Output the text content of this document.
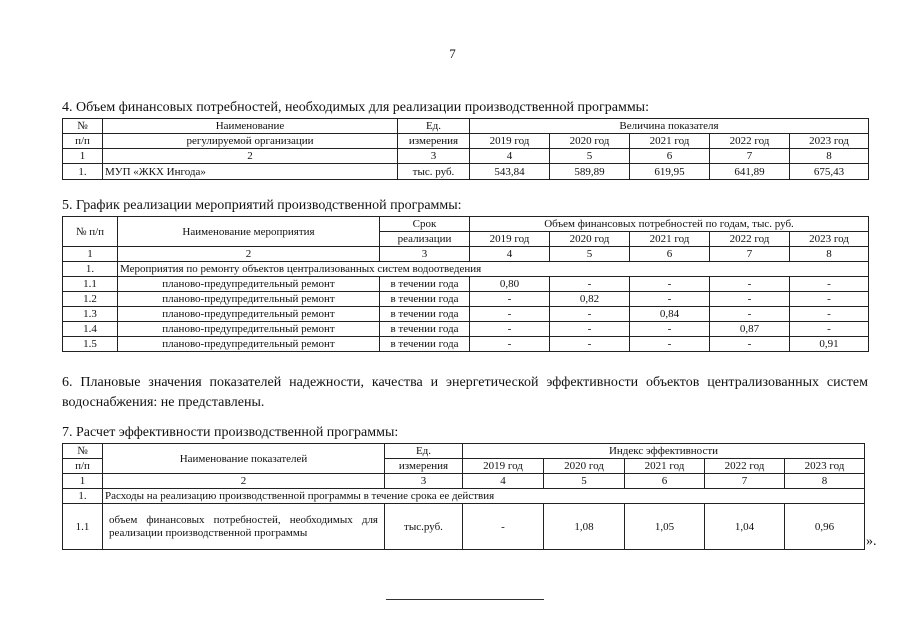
7
4. Объем финансовых потребностей, необходимых для реализации производственной программы:
№	Наименование	Ед.	Величина показателя				
п/п	регулируемой организации	измерения	2019 год	2020 год	2021 год	2022 год	2023 год
1	2	3	4	5	6	7	8
1.	МУП «ЖКХ Ингода»	тыс. руб.	543,84	589,89	619,95	641,89	675,43
5. График реализации мероприятий производственной программы:
№ п/п	Наименование мероприятия	Срок	Объем финансовых потребностей по годам, тыс. руб.				
		реализации	2019 год	2020 год	2021 год	2022 год	2023 год
1	2	3	4	5	6	7	8
1.	Мероприятия по ремонту объектов централизованных систем водоотведения						
1.1	планово-предупредительный ремонт	в течении года	0,80	-	-	-	-
1.2	планово-предупредительный ремонт	в течении года	-	0,82	-	-	-
1.3	планово-предупредительный ремонт	в течении года	-	-	0,84	-	-
1.4	планово-предупредительный ремонт	в течении года	-	-	-	0,87	-
1.5	планово-предупредительный ремонт	в течении года	-	-	-	-	0,91
6. Плановые значения показателей надежности, качества и энергетической эффективности объектов централизованных систем водоснабжения: не представлены.
7. Расчет эффективности производственной программы:
№	Наименование показателей	Ед.	Индекс эффективности				
п/п		измерения	2019 год	2020 год	2021 год	2022 год	2023 год
1	2	3	4	5	6	7	8
1.	Расходы на реализацию производственной программы в течение срока ее действия						
1.1	объем финансовых потребностей, необходимых для реализации производственной программы	тыс.руб.	-	1,08	1,05	1,04	0,96
».
